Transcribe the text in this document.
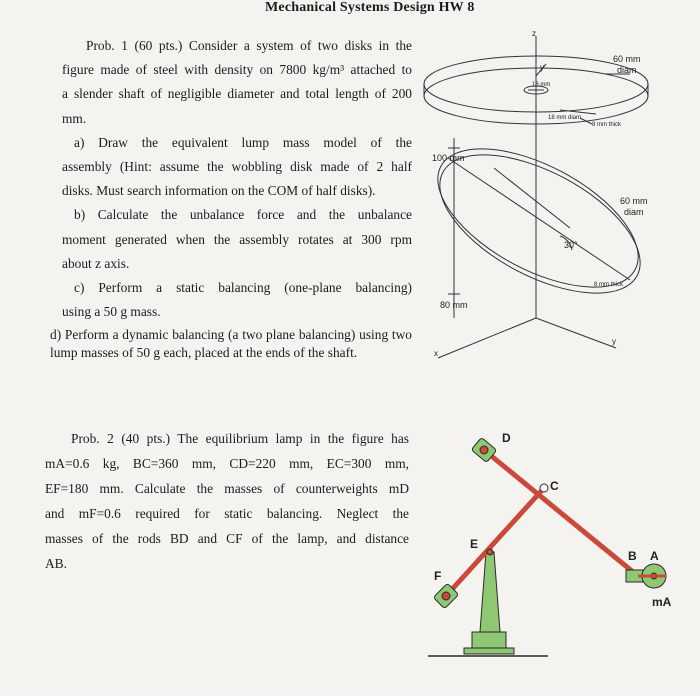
Mechanical Systems Design HW 8
Prob. 1 (60 pts.) Consider a system of two disks in the
figure made of steel with density on 7800 kg/m³ attached to
a slender shaft of negligible diameter and total length of 200
mm.
a) Draw the equivalent lump mass model of the
assembly (Hint: assume the wobbling disk made of 2 half
disks. Must search information on the COM of half disks).
b) Calculate the unbalance force and the unbalance
moment generated when the assembly rotates at 300 rpm
about z axis.
c) Perform a static balancing (one-plane balancing)
using a 50 g mass.
d) Perform a dynamic balancing (a two plane balancing) using two lump masses of 50 g each, placed at the ends of the shaft.
Prob. 2 (40 pts.) The equilibrium lamp in the figure has
mA=0.6 kg, BC=360 mm, CD=220 mm, EC=300 mm,
EF=180 mm. Calculate the masses of counterweights mD
and mF=0.6 required for static balancing. Neglect the
masses of the rods BD and CF of the lamp, and distance
AB.
z
y
18 mm
18 mm diam
60 mm
diam
8 mm thick
100 mm
60 mm
diam
30°
8 mm thick
80 mm
x
y
D
C
E
F
B A
mA
